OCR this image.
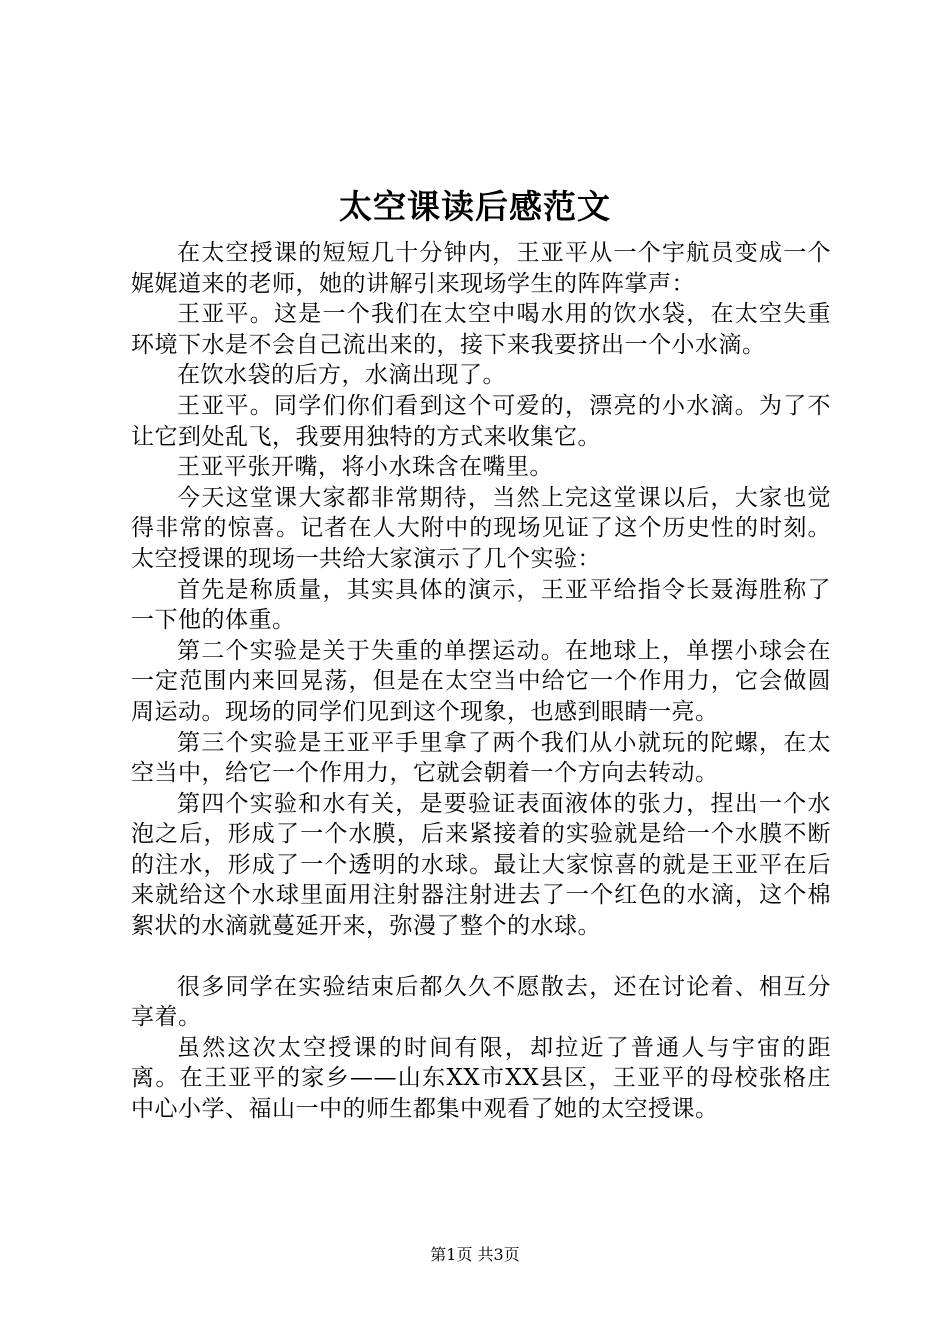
太空课读后感范文

在太空授课的短短几十分钟内，王亚平从一个宇航员变成一个娓娓道来的老师，她的讲解引来现场学生的阵阵掌声：

王亚平。这是一个我们在太空中喝水用的饮水袋，在太空失重环境下水是不会自己流出来的，接下来我要挤出一个小水滴。

在饮水袋的后方，水滴出现了。

王亚平。同学们你们看到这个可爱的，漂亮的小水滴。为了不让它到处乱飞，我要用独特的方式来收集它。

王亚平张开嘴，将小水珠含在嘴里。

今天这堂课大家都非常期待，当然上完这堂课以后，大家也觉得非常的惊喜。记者在人大附中的现场见证了这个历史性的时刻。太空授课的现场一共给大家演示了几个实验：

首先是称质量，其实具体的演示，王亚平给指令长聂海胜称了一下他的体重。

第二个实验是关于失重的单摆运动。在地球上，单摆小球会在一定范围内来回晃荡，但是在太空当中给它一个作用力，它会做圆周运动。现场的同学们见到这个现象，也感到眼睛一亮。

第三个实验是王亚平手里拿了两个我们从小就玩的陀螺，在太空当中，给它一个作用力，它就会朝着一个方向去转动。

第四个实验和水有关，是要验证表面液体的张力，捏出一个水泡之后，形成了一个水膜，后来紧接着的实验就是给一个水膜不断的注水，形成了一个透明的水球。最让大家惊喜的就是王亚平在后来就给这个水球里面用注射器注射进去了一个红色的水滴，这个棉絮状的水滴就蔓延开来，弥漫了整个的水球。

很多同学在实验结束后都久久不愿散去，还在讨论着、相互分享着。

虽然这次太空授课的时间有限，却拉近了普通人与宇宙的距离。在王亚平的家乡——山东XX市XX县区，王亚平的母校张格庄中心小学、福山一中的师生都集中观看了她的太空授课。

第1页 共3页
